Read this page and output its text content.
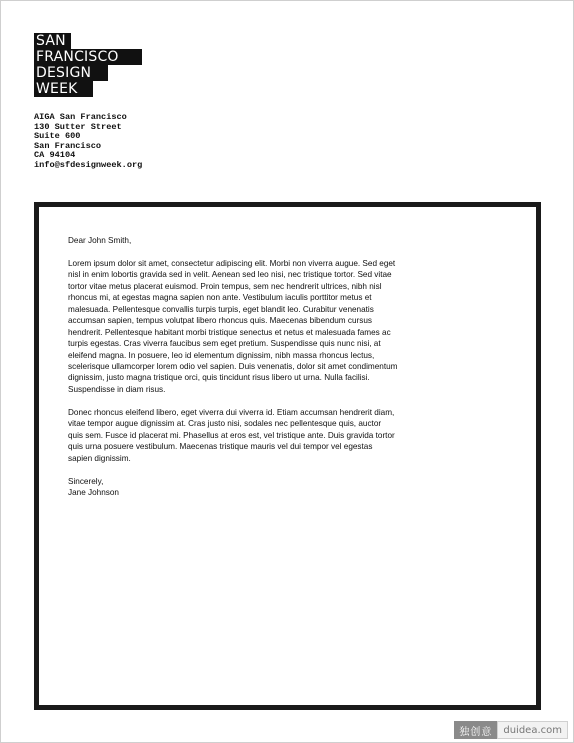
SAN
FRANCISCO
DESIGN
WEEK
AIGA San Francisco
130 Sutter Street
Suite 600
San Francisco
CA 94104
info@sfdesignweek.org

Dear John Smith,

Lorem ipsum dolor sit amet, consectetur adipiscing elit. Morbi non viverra augue. Sed eget nisl in enim lobortis gravida sed in velit. Aenean sed leo nisi, nec tristique tortor. Sed vitae tortor vitae metus placerat euismod. Proin tempus, sem nec hendrerit ultrices, nibh nisl rhoncus mi, at egestas magna sapien non ante. Vestibulum iaculis porttitor metus et malesuada. Pellentesque convallis turpis turpis, eget blandit leo. Curabitur venenatis accumsan sapien, tempus volutpat libero rhoncus quis. Maecenas bibendum cursus hendrerit. Pellentesque habitant morbi tristique senectus et netus et malesuada fames ac turpis egestas. Cras viverra faucibus sem eget pretium. Suspendisse quis nunc nisi, at eleifend magna. In posuere, leo id elementum dignissim, nibh massa rhoncus lectus, scelerisque ullamcorper lorem odio vel sapien. Duis venenatis, dolor sit amet condimentum dignissim, justo magna tristique orci, quis tincidunt risus libero ut urna. Nulla facilisi. Suspendisse in diam risus.

Donec rhoncus eleifend libero, eget viverra dui viverra id. Etiam accumsan hendrerit diam, vitae tempor augue dignissim at. Cras justo nisi, sodales nec pellentesque quis, auctor quis sem. Fusce id placerat mi. Phasellus at eros est, vel tristique ante. Duis gravida tortor quis urna posuere vestibulum. Maecenas tristique mauris vel dui tempor vel egestas sapien dignissim.

Sincerely,

Jane Johnson

独创意	duidea.com
